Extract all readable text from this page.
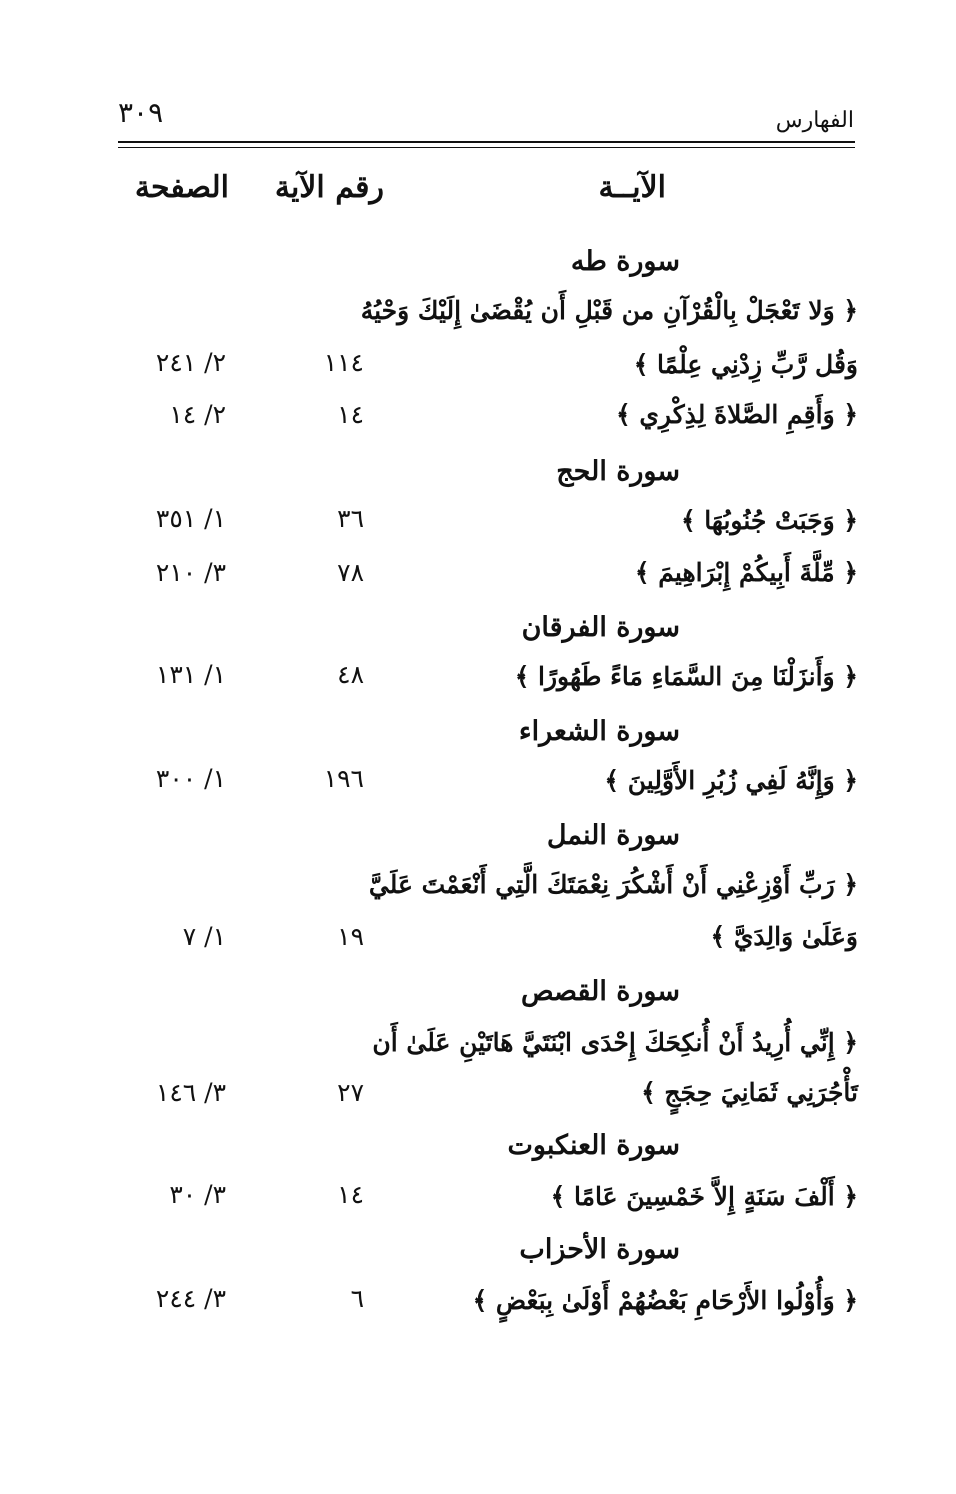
٣٠٩	الفهارس
الآيــة
رقم الآية
الصفحة
سورة طه
﴿ وَلا تَعْجَلْ بِالْقُرْآنِ من قَبْلِ أَن يُقْضَىٰ إِلَيْكَ وَحْيُهُ
وَقُل رَّبِّ زِدْنِي عِلْمًا ﴾
١١٤
٢/ ٢٤١
﴿ وَأَقِمِ الصَّلاةَ لِذِكْرِي ﴾
١٤
٢/ ١٤
سورة الحج
﴿ وَجَبَتْ جُنُوبُهَا ﴾
٣٦
١/ ٣٥١
﴿ مِّلَّةَ أَبِيكُمْ إِبْرَاهِيمَ ﴾
٧٨
٣/ ٢١٠
سورة الفرقان
﴿ وَأَنزَلْنَا مِنَ السَّمَاءِ مَاءً طَهُورًا ﴾
٤٨
١/ ١٣١
سورة الشعراء
﴿ وَإِنَّهُ لَفِي زُبُرِ الأَوَّلِينَ ﴾
١٩٦
١/ ٣٠٠
سورة النمل
﴿ رَبِّ أَوْزِعْنِي أَنْ أَشْكُرَ نِعْمَتَكَ الَّتِي أَنْعَمْتَ عَلَيَّ
وَعَلَىٰ وَالِدَيَّ ﴾
١٩
١/ ٧
سورة القصص
﴿ إِنِّي أُرِيدُ أَنْ أُنكِحَكَ إِحْدَى ابْنَتَيَّ هَاتَيْنِ عَلَىٰ أَن
تَأْجُرَنِي ثَمَانِيَ حِجَجٍ ﴾
٢٧
٣/ ١٤٦
سورة العنكبوت
﴿ أَلْفَ سَنَةٍ إِلاَّ خَمْسِينَ عَامًا ﴾
١٤
٣/ ٣٠
سورة الأحزاب
﴿ وَأُوْلُوا الأَرْحَامِ بَعْضُهُمْ أَوْلَىٰ بِبَعْضٍ ﴾
٦
٣/ ٢٤٤
